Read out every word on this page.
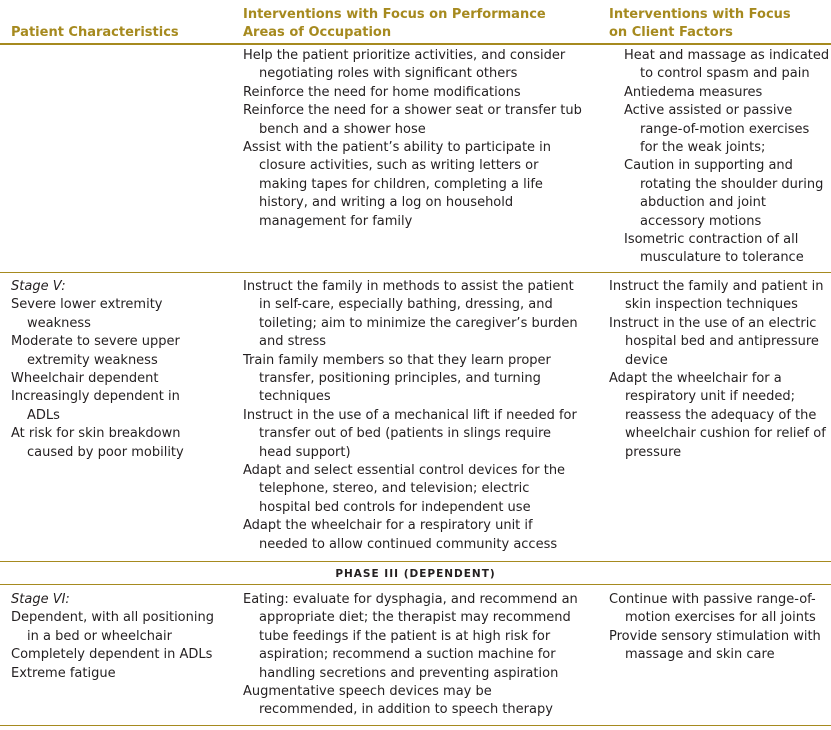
Patient Characteristics
Interventions with Focus on Performance
Areas of Occupation
Interventions with Focus
on Client Factors

Help the patient prioritize activities, and consider negotiating roles with significant others

Reinforce the need for home modifications

Reinforce the need for a shower seat or transfer tub bench and a shower hose

Assist with the patient’s ability to participate in closure activities, such as writing letters or making tapes for children, completing a life history, and writing a log on household management for family

Heat and massage as indicated to control spasm and pain

Antiedema measures

Active assisted or passive range-of-motion exercises for the weak joints;

Caution in supporting and rotating the shoulder during abduction and joint accessory motions

Isometric contraction of all musculature to tolerance

Stage V:

Severe lower extremity weakness

Moderate to severe upper extremity weakness

Wheelchair dependent

Increasingly dependent in ADLs

At risk for skin breakdown caused by poor mobility

Instruct the family in methods to assist the patient in self-care, especially bathing, dressing, and toileting; aim to minimize the caregiver’s burden and stress

Train family members so that they learn proper transfer, positioning principles, and turning techniques

Instruct in the use of a mechanical lift if needed for transfer out of bed (patients in slings require head support)

Adapt and select essential control devices for the telephone, stereo, and television; electric hospital bed controls for independent use

Adapt the wheelchair for a respiratory unit if needed to allow continued community access

Instruct the family and patient in skin inspection techniques

Instruct in the use of an electric hospital bed and antipressure device

Adapt the wheelchair for a respiratory unit if needed; reassess the adequacy of the wheelchair cushion for relief of pressure

PHASE III (DEPENDENT)

Stage VI:

Dependent, with all positioning in a bed or wheelchair

Completely dependent in ADLs

Extreme fatigue

Eating: evaluate for dysphagia, and recommend an appropriate diet; the therapist may recommend tube feedings if the patient is at high risk for aspiration; recommend a suction machine for handling secretions and preventing aspiration

Augmentative speech devices may be recommended, in addition to speech therapy

Continue with passive range-of-motion exercises for all joints

Provide sensory stimulation with massage and skin care
